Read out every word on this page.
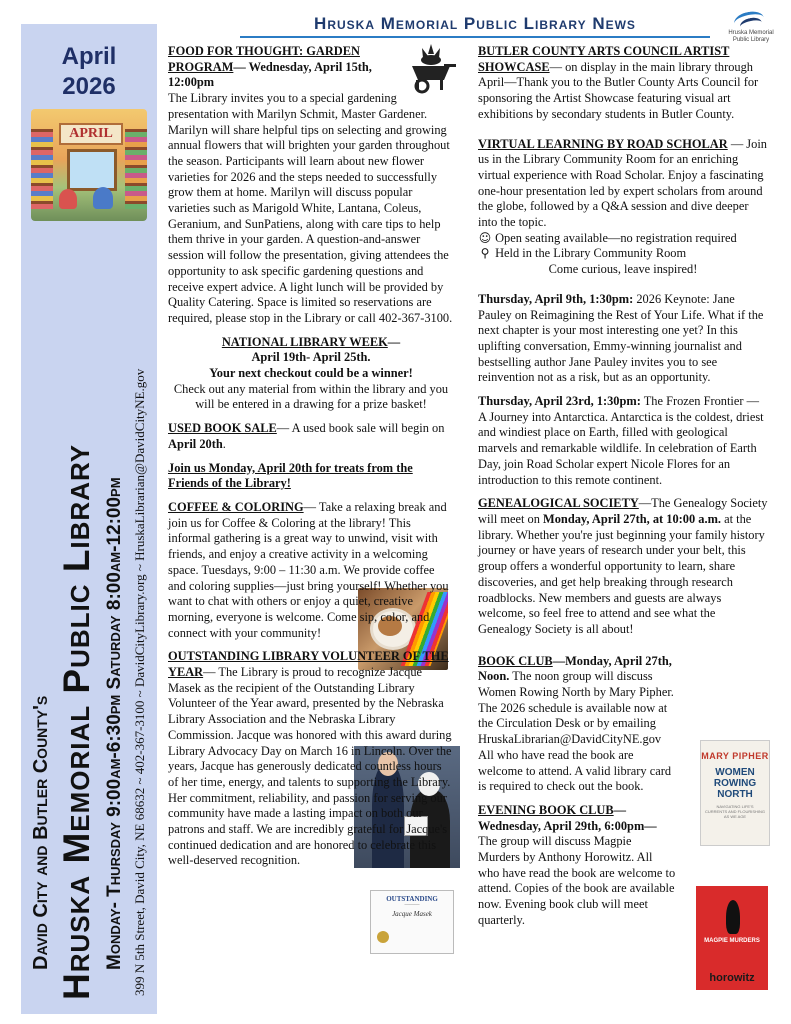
Hruska Memorial Public Library News	Hruska Memorial
Public Library
April
2026
APRIL
David City and Butler County's Hruska Memorial Public Library Monday- Thursday 9:00am-6:30pm Saturday 8:00am-12:00pm 399 N 5th Street, David City, NE 68632 ~ 402-367-3100 ~ DavidCityLibrary.org ~ HruskaLibrarian@DavidCityNE.gov	OUTSTANDING
———
Jacque Masek
MARY PIPHER
WOMEN ROWING NORTH
NAVIGATING LIFE'S CURRENTS AND FLOURISHING AS WE AGE
MAGPIE MURDERS
horowitz

FOOD FOR THOUGHT: GARDEN PROGRAM— Wednesday, April 15th, 12:00pm

The Library invites you to a special gardening presentation with Marilyn Schmit, Master Gardener. Marilyn will share helpful tips on selecting and growing annual flowers that will brighten your garden throughout the season. Participants will learn about new flower varieties for 2026 and the steps needed to successfully grow them at home. Marilyn will discuss popular varieties such as Marigold White, Lantana, Coleus, Geranium, and SunPatiens, along with care tips to help them thrive in your garden. A question-and-answer session will follow the presentation, giving attendees the opportunity to ask specific gardening questions and receive expert advice. A light lunch will be provided by Quality Catering. Space is limited so reservations are required, please stop in the Library or call 402-367-3100.

NATIONAL LIBRARY WEEK—
April 19th- April 25th.
Your next checkout could be a winner!
Check out any material from within the library and you will be entered in a drawing for a prize basket!

USED BOOK SALE— A used book sale will begin on April 20th.

Join us Monday, April 20th for treats from the Friends of the Library!

COFFEE & COLORING— Take a relaxing break and join us for Coffee & Coloring at the library! This informal gathering is a great way to unwind, visit with friends, and enjoy a creative activity in a welcoming space. Tuesdays, 9:00 – 11:30 a.m. We provide coffee and coloring supplies—just bring yourself! Whether you want to chat with others or enjoy a quiet, creative morning, everyone is welcome. Come sip, color, and connect with your community!

OUTSTANDING LIBRARY VOLUNTEER OF THE YEAR— The Library is proud to recognize Jacque Masek as the recipient of the Outstanding Library Volunteer of the Year award, presented by the Nebraska Library Association and the Nebraska Library Commission. Jacque was honored with this award during Library Advocacy Day on March 16 in Lincoln. Over the years, Jacque has generously dedicated countless hours of her time, energy, and talents to supporting the Library. Her commitment, reliability, and passion for serving our community have made a lasting impact on both our patrons and staff. We are incredibly grateful for Jacque's continued dedication and are honored to celebrate this well-deserved recognition.

BUTLER COUNTY ARTS COUNCIL ARTIST SHOWCASE— on display in the main library through April—Thank you to the Butler County Arts Council for sponsoring the Artist Showcase featuring visual art exhibitions by secondary students in Butler County.

VIRTUAL LEARNING BY ROAD SCHOLAR — Join us in the Library Community Room for an enriching virtual experience with Road Scholar. Enjoy a fascinating one-hour presentation led by expert scholars from around the globe, followed by a Q&A session and dive deeper into the topic.

☺ Open seating available—no registration required

⚲ Held in the Library Community Room

Come curious, leave inspired!

Thursday, April 9th, 1:30pm: 2026 Keynote: Jane Pauley on Reimagining the Rest of Your Life. What if the next chapter is your most interesting one yet? In this uplifting conversation, Emmy-winning journalist and bestselling author Jane Pauley invites you to see reinvention not as a risk, but as an opportunity.

Thursday, April 23rd, 1:30pm: The Frozen Frontier — A Journey into Antarctica. Antarctica is the coldest, driest and windiest place on Earth, filled with geological marvels and remarkable wildlife. In celebration of Earth Day, join Road Scholar expert Nicole Flores for an introduction to this remote continent.

GENEALOGICAL SOCIETY—The Genealogy Society will meet on Monday, April 27th, at 10:00 a.m. at the library. Whether you're just beginning your family history journey or have years of research under your belt, this group offers a wonderful opportunity to learn, share discoveries, and get help breaking through research roadblocks. New members and guests are always welcome, so feel free to attend and see what the Genealogy Society is all about!

BOOK CLUB—Monday, April 27th, Noon. The noon group will discuss Women Rowing North by Mary Pipher. The 2026 schedule is available now at the Circulation Desk or by emailing HruskaLibrarian@DavidCityNE.gov All who have read the book are welcome to attend. A valid library card is required to check out the book.

EVENING BOOK CLUB— Wednesday, April 29th, 6:00pm— The group will discuss Magpie Murders by Anthony Horowitz. All who have read the book are welcome to attend. Copies of the book are available now. Evening book club will meet quarterly.
